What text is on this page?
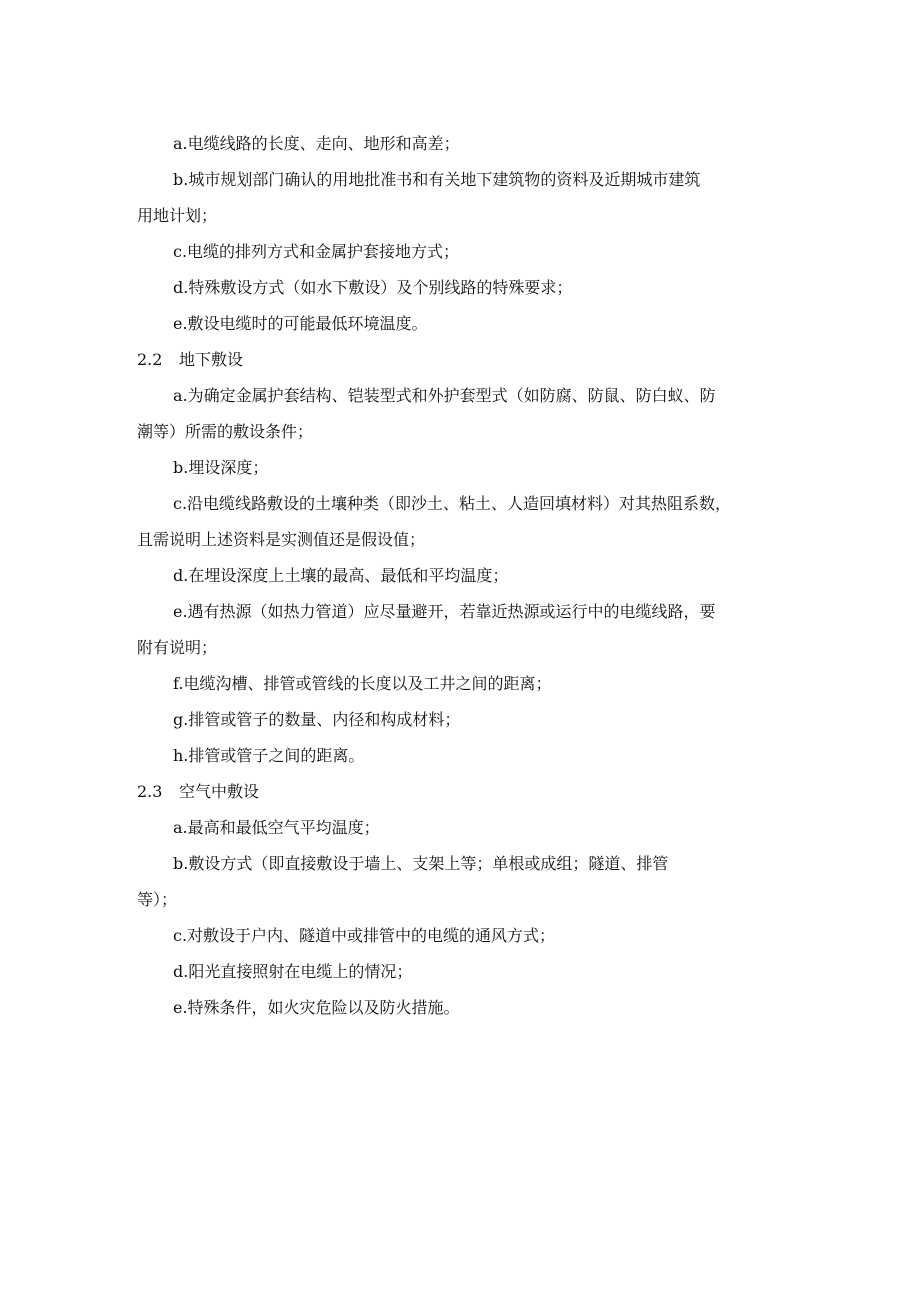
a.电缆线路的长度、走向、地形和高差；
b.城市规划部门确认的用地批准书和有关地下建筑物的资料及近期城市建筑
用地计划；
c.电缆的排列方式和金属护套接地方式；
d.特殊敷设方式（如水下敷设）及个别线路的特殊要求；
e.敷设电缆时的可能最低环境温度。
2.2 地下敷设
a.为确定金属护套结构、铠装型式和外护套型式（如防腐、防鼠、防白蚁、防
潮等）所需的敷设条件；
b.埋设深度；
c.沿电缆线路敷设的土壤种类（即沙土、粘土、人造回填材料）对其热阻系数，
且需说明上述资料是实测值还是假设值；
d.在埋设深度上土壤的最高、最低和平均温度；
e.遇有热源（如热力管道）应尽量避开，若靠近热源或运行中的电缆线路，要
附有说明；
f.电缆沟槽、排管或管线的长度以及工井之间的距离；
g.排管或管子的数量、内径和构成材料；
h.排管或管子之间的距离。
2.3 空气中敷设
a.最高和最低空气平均温度；
b.敷设方式（即直接敷设于墙上、支架上等；单根或成组；隧道、排管
等）；
c.对敷设于户内、隧道中或排管中的电缆的通风方式；
d.阳光直接照射在电缆上的情况；
e.特殊条件，如火灾危险以及防火措施。
